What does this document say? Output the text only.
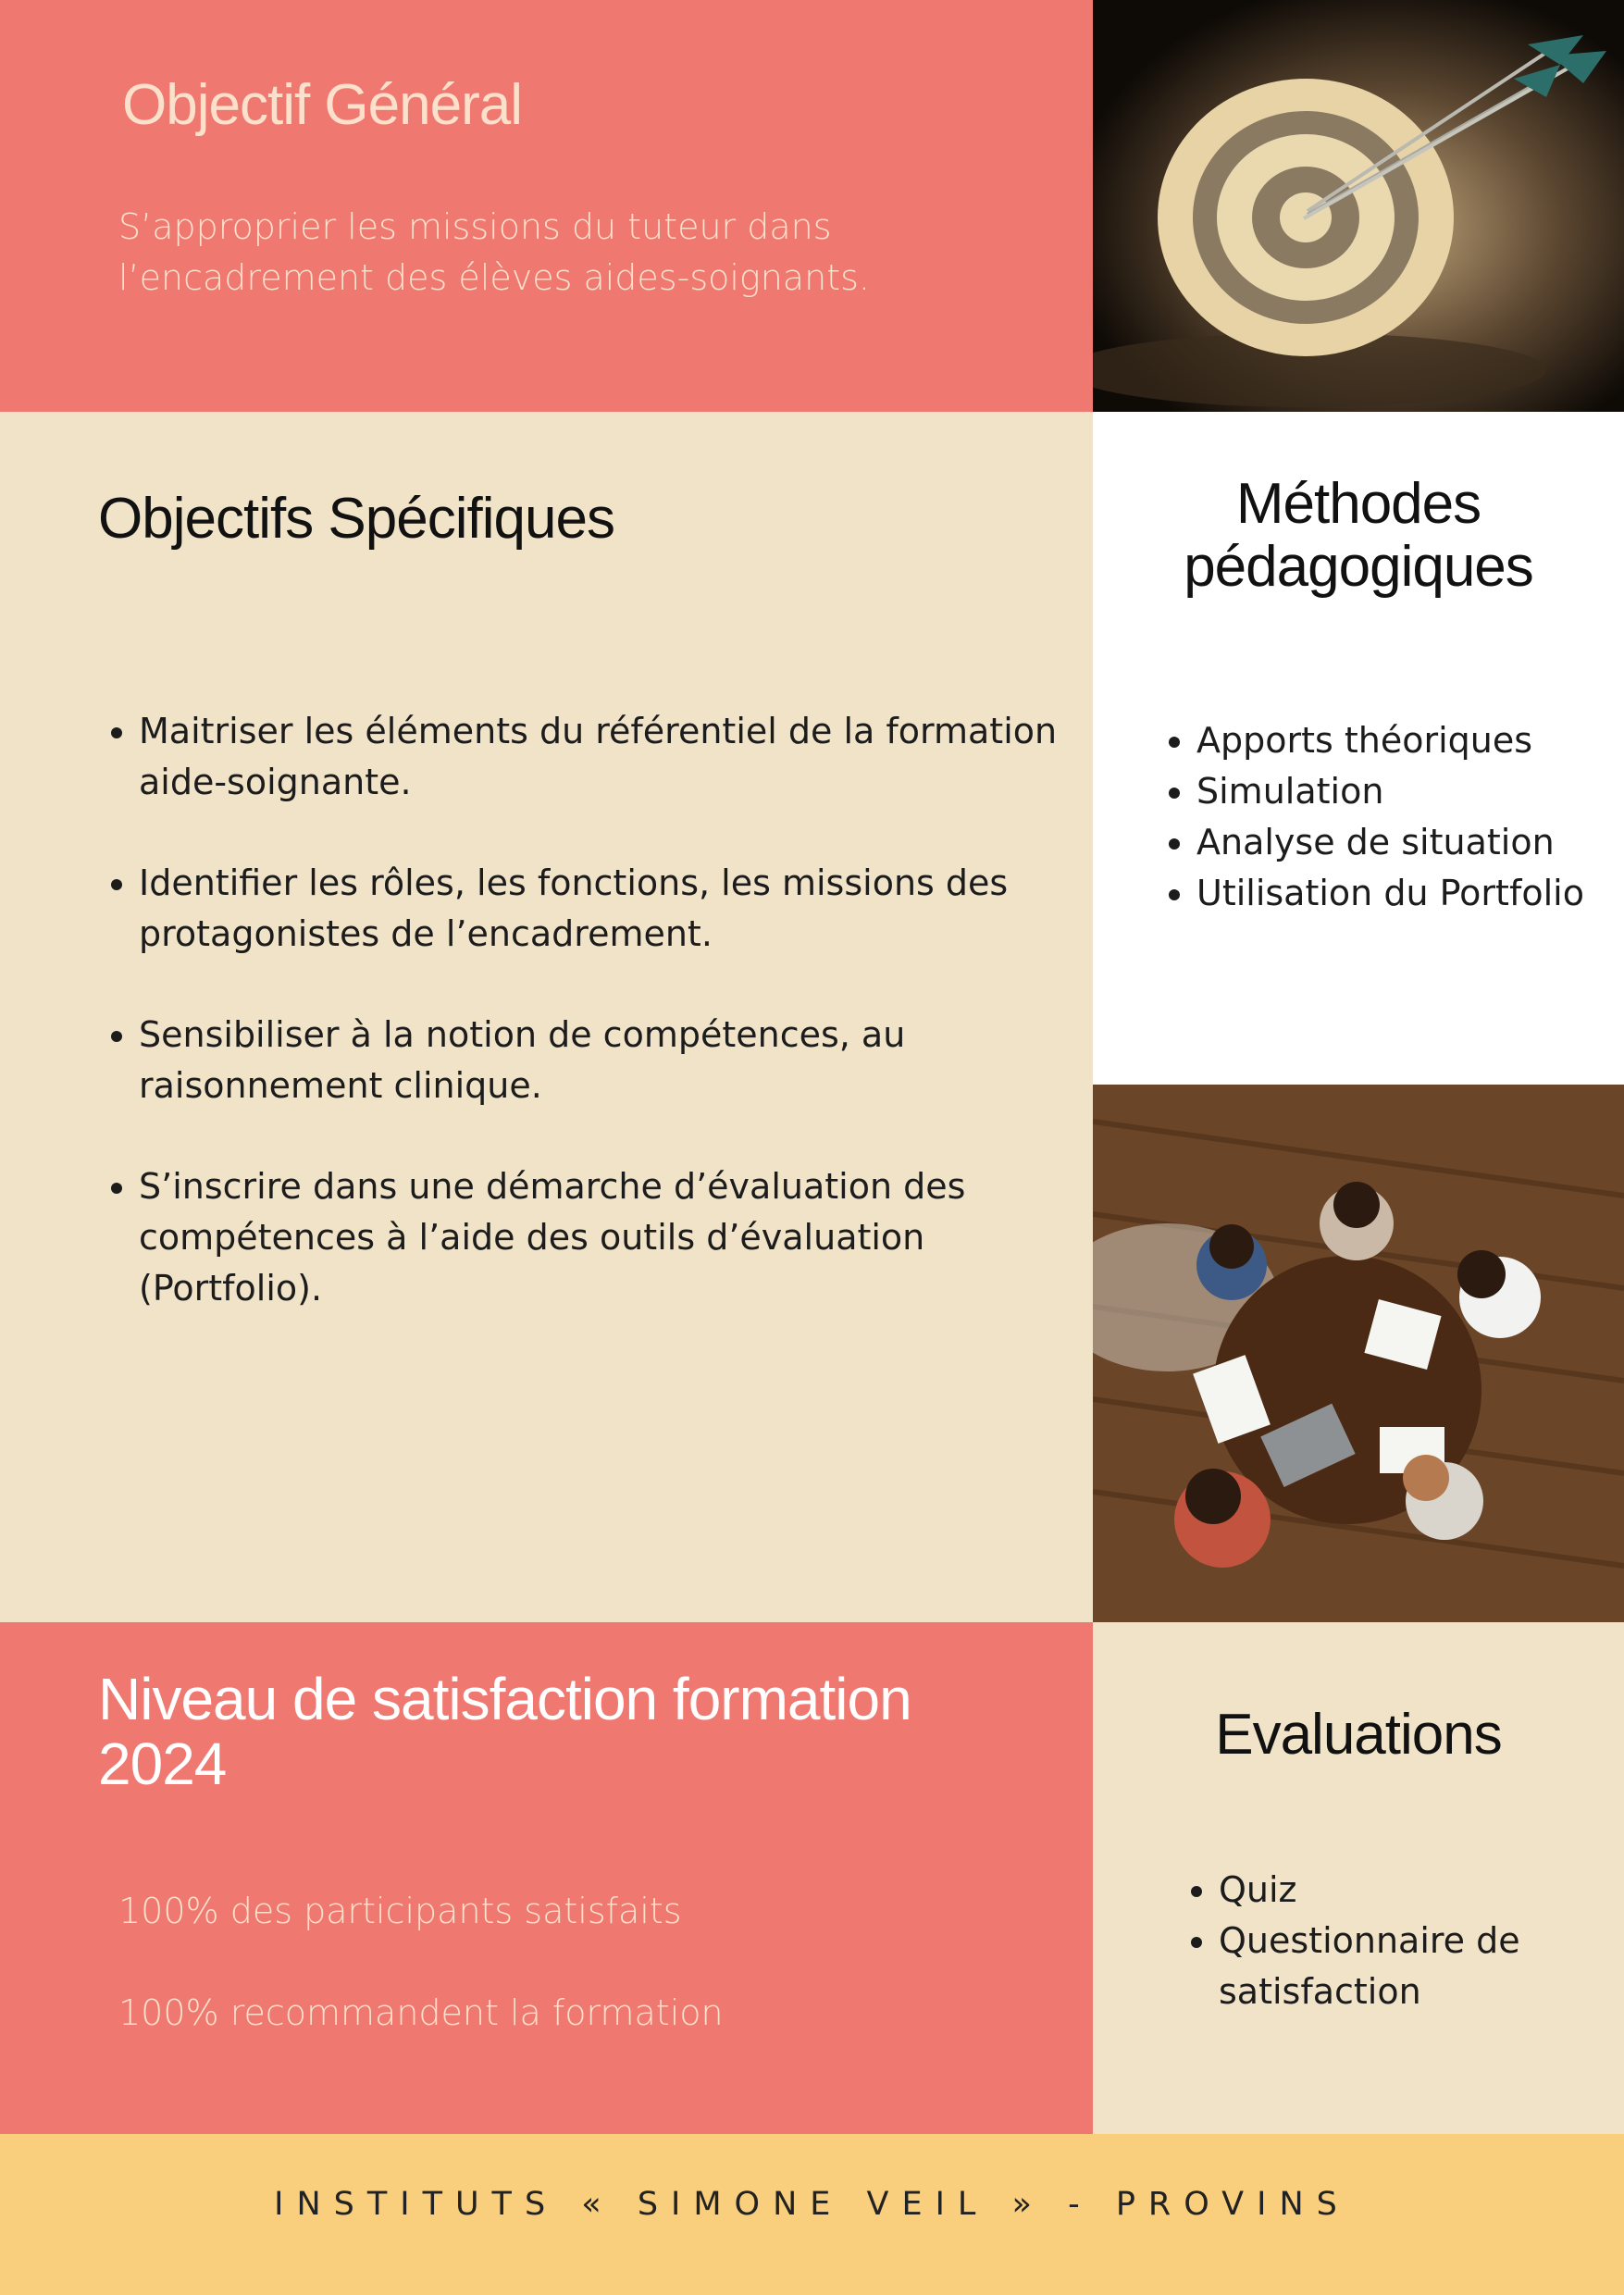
Objectif Général

S’approprier les missions du tuteur dans l’encadrement des élèves aides-soignants.

Objectifs Spécifiques
• Maitriser les éléments du référentiel de la formation aide-soignante.
• Identifier les rôles, les fonctions, les missions des protagonistes de l’encadrement.
• Sensibiliser à la notion de compétences, au raisonnement clinique.
• S’inscrire dans une démarche d’évaluation des compétences à l’aide des outils d’évaluation (Portfolio).
Méthodes pédagogiques
• Apports théoriques
• Simulation
• Analyse de situation
• Utilisation du Portfolio
Niveau de satisfaction formation 2024

100% des participants satisfaits

100% recommandent la formation

Evaluations
• Quiz
• Questionnaire de satisfaction
INSTITUTS « SIMONE VEIL » - PROVINS
